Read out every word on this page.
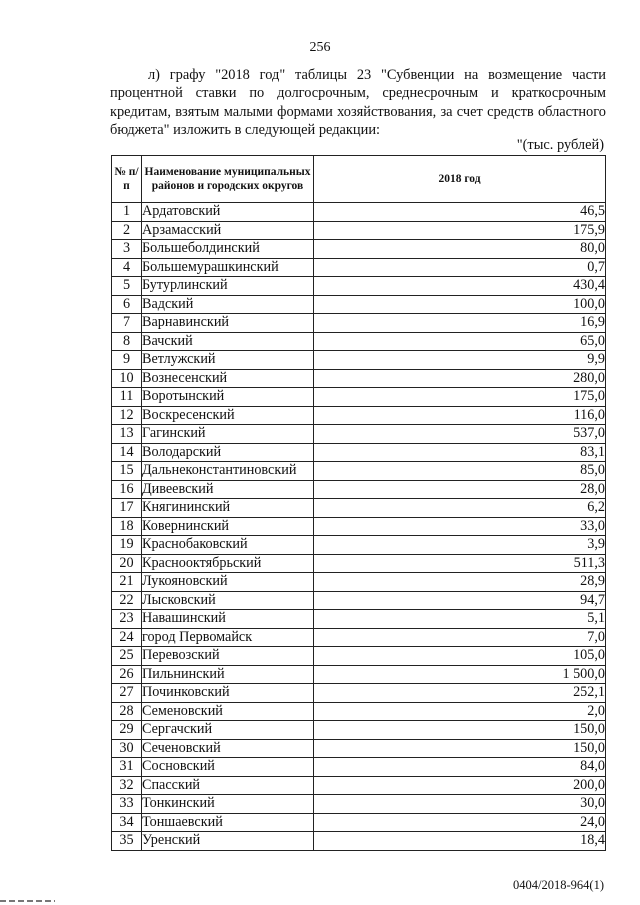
256

л) графу "2018 год" таблицы 23 "Субвенции на возмещение части процентной ставки по долгосрочным, среднесрочным и краткосрочным кредитам, взятым малыми формами хозяйствования, за счет средств областного бюджета" изложить в следующей редакции:

"(тыс. рублей)
№ п/п	Наименование муниципальных районов и городских округов	2018 год
1	Ардатовский	46,5
2	Арзамасский	175,9
3	Большеболдинский	80,0
4	Большемурашкинский	0,7
5	Бутурлинский	430,4
6	Вадский	100,0
7	Варнавинский	16,9
8	Вачский	65,0
9	Ветлужский	9,9
10	Вознесенский	280,0
11	Воротынский	175,0
12	Воскресенский	116,0
13	Гагинский	537,0
14	Володарский	83,1
15	Дальнеконстантиновский	85,0
16	Дивеевский	28,0
17	Княгининский	6,2
18	Ковернинский	33,0
19	Краснобаковский	3,9
20	Краснооктябрьский	511,3
21	Лукояновский	28,9
22	Лысковский	94,7
23	Навашинский	5,1
24	город Первомайск	7,0
25	Перевозский	105,0
26	Пильнинский	1 500,0
27	Починковский	252,1
28	Семеновский	2,0
29	Сергачский	150,0
30	Сеченовский	150,0
31	Сосновский	84,0
32	Спасский	200,0
33	Тонкинский	30,0
34	Тоншаевский	24,0
35	Уренский	18,4
0404/2018-964(1)
